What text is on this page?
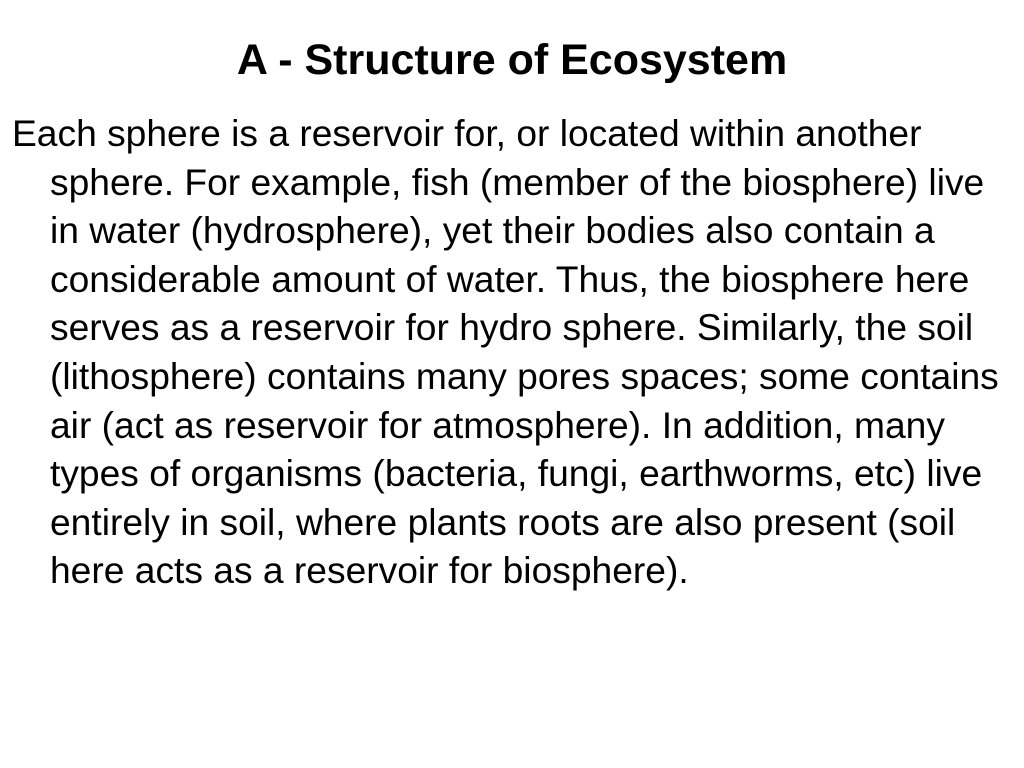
A - Structure of Ecosystem

Each sphere is a reservoir for, or located within another sphere. For example, fish (member of the biosphere) live in water (hydrosphere), yet their bodies also contain a considerable amount of water. Thus, the biosphere here serves as a reservoir for hydro sphere. Similarly, the soil (lithosphere) contains many pores spaces; some contains air (act as reservoir for atmosphere). In addition, many types of organisms (bacteria, fungi, earthworms, etc) live entirely in soil, where plants roots are also present (soil here acts as a reservoir for biosphere).
